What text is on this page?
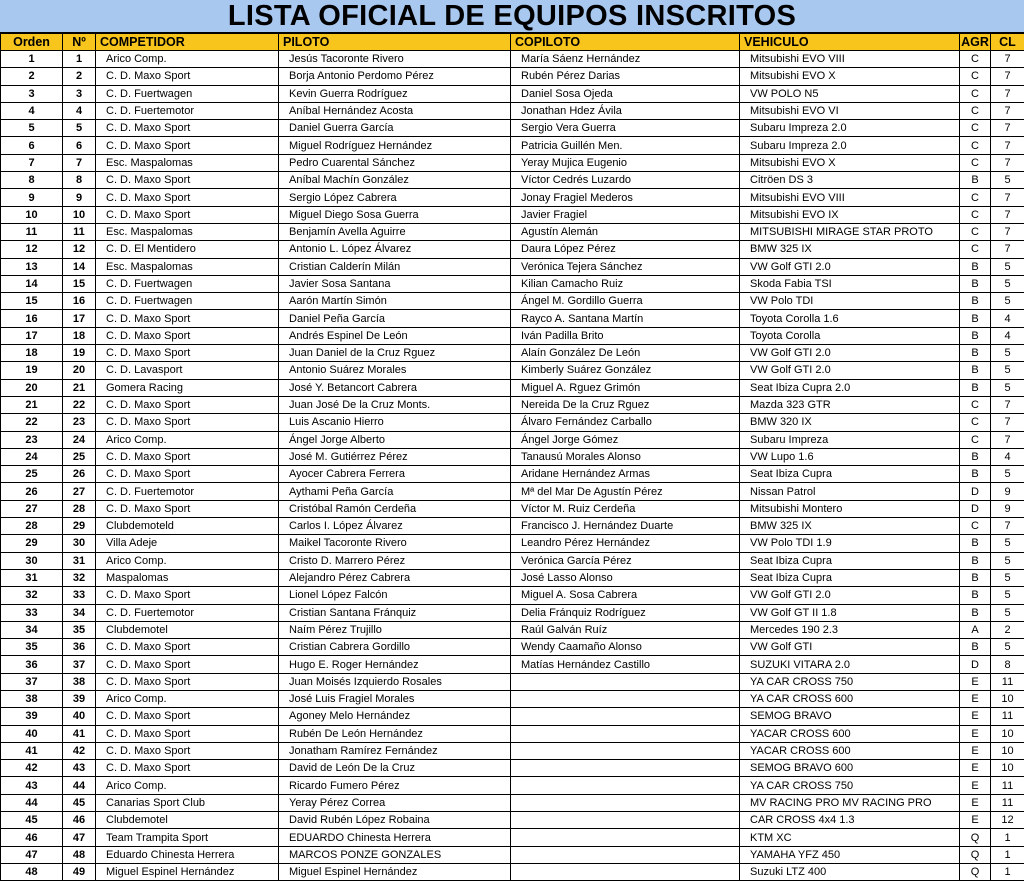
LISTA OFICIAL DE EQUIPOS INSCRITOS
Orden	Nº	COMPETIDOR	PILOTO	COPILOTO	VEHICULO	AGR	CL
1	1	Arico Comp.	Jesús Tacoronte Rivero	María Sáenz Hernández	Mitsubishi EVO VIII	C	7
2	2	C. D. Maxo Sport	Borja Antonio Perdomo Pérez	Rubén Pérez Darias	Mitsubishi EVO X	C	7
3	3	C. D. Fuertwagen	Kevin Guerra Rodríguez	Daniel Sosa Ojeda	VW POLO N5	C	7
4	4	C. D. Fuertemotor	Aníbal Hernández Acosta	Jonathan Hdez Ávila	Mitsubishi EVO VI	C	7
5	5	C. D. Maxo Sport	Daniel Guerra García	Sergio Vera Guerra	Subaru Impreza 2.0	C	7
6	6	C. D. Maxo Sport	Miguel Rodríguez Hernández	Patricia Guillén Men.	Subaru Impreza 2.0	C	7
7	7	Esc. Maspalomas	Pedro Cuarental Sánchez	Yeray Mujica Eugenio	Mitsubishi EVO X	C	7
8	8	C. D. Maxo Sport	Aníbal Machín González	Víctor Cedrés Luzardo	Citröen DS 3	B	5
9	9	C. D. Maxo Sport	Sergio López Cabrera	Jonay Fragiel Mederos	Mitsubishi EVO VIII	C	7
10	10	C. D. Maxo Sport	Miguel Diego Sosa Guerra	Javier Fragiel	Mitsubishi EVO IX	C	7
11	11	Esc. Maspalomas	Benjamín Avella Aguirre	Agustín Alemán	MITSUBISHI MIRAGE STAR PROTO	C	7
12	12	C. D. El Mentidero	Antonio L. López Álvarez	Daura López Pérez	BMW 325 IX	C	7
13	14	Esc. Maspalomas	Cristian Calderín Milán	Verónica Tejera Sánchez	VW Golf GTI 2.0	B	5
14	15	C. D. Fuertwagen	Javier Sosa Santana	Kilian Camacho Ruiz	Skoda Fabia TSI	B	5
15	16	C. D. Fuertwagen	Aarón Martín Simón	Ángel M. Gordillo Guerra	VW Polo TDI	B	5
16	17	C. D. Maxo Sport	Daniel Peña García	Rayco A. Santana Martín	Toyota Corolla 1.6	B	4
17	18	C. D. Maxo Sport	Andrés Espinel De León	Iván Padilla Brito	Toyota Corolla	B	4
18	19	C. D. Maxo Sport	Juan Daniel de la Cruz Rguez	Alaín González De León	VW Golf GTI 2.0	B	5
19	20	C. D. Lavasport	Antonio Suárez Morales	Kimberly Suárez González	VW Golf GTI 2.0	B	5
20	21	Gomera Racing	José Y. Betancort Cabrera	Miguel A. Rguez Grimón	Seat Ibiza Cupra 2.0	B	5
21	22	C. D. Maxo Sport	Juan José De la Cruz Monts.	Nereida De la Cruz Rguez	Mazda 323 GTR	C	7
22	23	C. D. Maxo Sport	Luis Ascanio Hierro	Álvaro Fernández Carballo	BMW 320 IX	C	7
23	24	Arico Comp.	Ángel Jorge Alberto	Ángel Jorge Gómez	Subaru Impreza	C	7
24	25	C. D. Maxo Sport	José M. Gutiérrez Pérez	Tanausú Morales Alonso	VW Lupo 1.6	B	4
25	26	C. D. Maxo Sport	Ayocer Cabrera Ferrera	Aridane Hernández Armas	Seat Ibiza Cupra	B	5
26	27	C. D. Fuertemotor	Aythami Peña García	Mª del Mar De Agustín Pérez	Nissan Patrol	D	9
27	28	C. D. Maxo Sport	Cristóbal Ramón Cerdeña	Víctor M. Ruiz Cerdeña	Mitsubishi Montero	D	9
28	29	Clubdemoteld	Carlos I. López Álvarez	Francisco J. Hernández Duarte	BMW 325 IX	C	7
29	30	Villa Adeje	Maikel Tacoronte Rivero	Leandro Pérez Hernández	VW Polo TDI 1.9	B	5
30	31	Arico Comp.	Cristo D. Marrero Pérez	Verónica García Pérez	Seat Ibiza Cupra	B	5
31	32	Maspalomas	Alejandro Pérez Cabrera	José Lasso Alonso	Seat Ibiza Cupra	B	5
32	33	C. D. Maxo Sport	Lionel López Falcón	Miguel A. Sosa Cabrera	VW Golf GTI 2.0	B	5
33	34	C. D. Fuertemotor	Cristian Santana Fránquiz	Delia Fránquiz Rodríguez	VW Golf GT II 1.8	B	5
34	35	Clubdemotel	Naím Pérez Trujillo	Raúl Galván Ruíz	Mercedes 190 2.3	A	2
35	36	C. D. Maxo Sport	Cristian Cabrera Gordillo	Wendy Caamaño Alonso	VW Golf GTI	B	5
36	37	C. D. Maxo Sport	Hugo E. Roger Hernández	Matías Hernández Castillo	SUZUKI VITARA 2.0	D	8
37	38	C. D. Maxo Sport	Juan Moisés Izquierdo Rosales		YA CAR CROSS 750	E	11
38	39	Arico Comp.	José Luis Fragiel Morales		YA CAR CROSS 600	E	10
39	40	C. D. Maxo Sport	Agoney Melo Hernández		SEMOG BRAVO	E	11
40	41	C. D. Maxo Sport	Rubén De León Hernández		YACAR CROSS 600	E	10
41	42	C. D. Maxo Sport	Jonatham Ramírez Fernández		YACAR CROSS 600	E	10
42	43	C. D. Maxo Sport	David de León De la Cruz		SEMOG BRAVO 600	E	10
43	44	Arico Comp.	Ricardo Fumero Pérez		YA CAR CROSS 750	E	11
44	45	Canarias Sport Club	Yeray Pérez Correa		MV RACING PRO MV RACING PRO	E	11
45	46	Clubdemotel	David Rubén López Robaina		CAR CROSS 4x4 1.3	E	12
46	47	Team Trampita Sport	EDUARDO Chinesta Herrera		KTM XC	Q	1
47	48	Eduardo Chinesta Herrera	MARCOS PONZE GONZALES		YAMAHA YFZ 450	Q	1
48	49	Miguel Espinel Hernández	Miguel Espinel Hernández		Suzuki LTZ 400	Q	1
